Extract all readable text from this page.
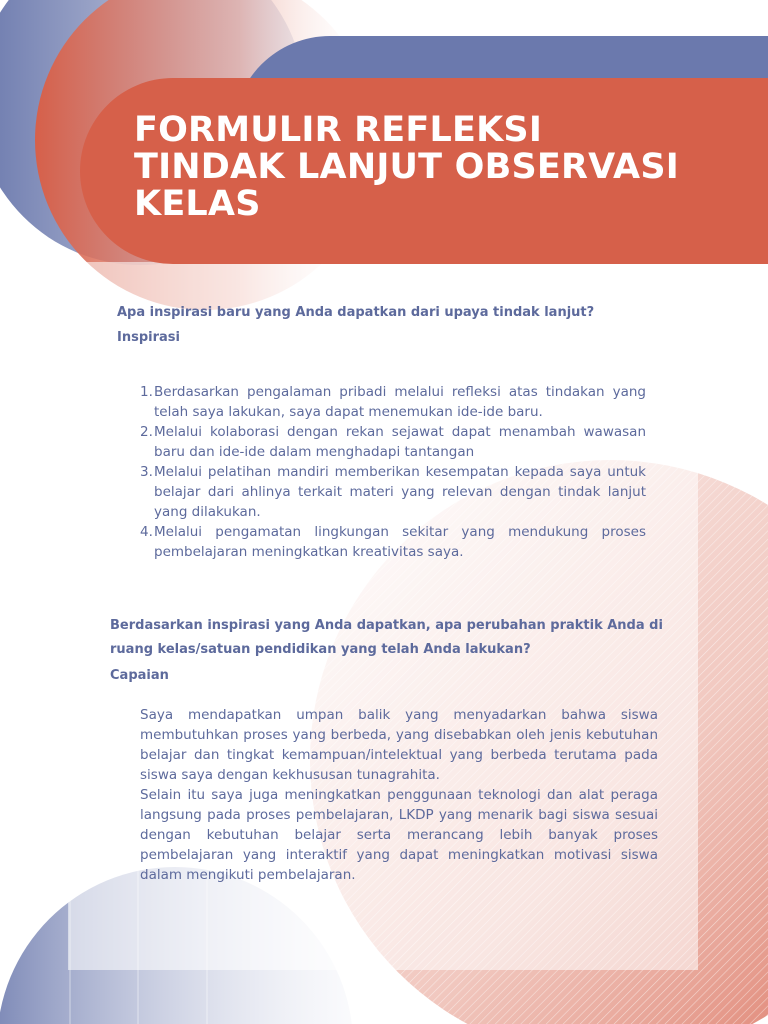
FORMULIR REFLEKSI
TINDAK LANJUT OBSERVASI
KELAS

Apa inspirasi baru yang Anda dapatkan dari upaya tindak lanjut?

Inspirasi

1. Berdasarkan pengalaman pribadi melalui refleksi atas tindakan yang telah saya lakukan, saya dapat menemukan ide-ide baru.
2. Melalui kolaborasi dengan rekan sejawat dapat menambah wawasan baru dan ide-ide dalam menghadapi tantangan
3. Melalui pelatihan mandiri memberikan kesempatan kepada saya untuk belajar dari ahlinya terkait materi yang relevan dengan tindak lanjut yang dilakukan.
4. Melalui pengamatan lingkungan sekitar yang mendukung proses pembelajaran meningkatkan kreativitas saya.

Berdasarkan inspirasi yang Anda dapatkan, apa perubahan praktik Anda di

ruang kelas/satuan pendidikan yang telah Anda lakukan?

Capaian

Saya mendapatkan umpan balik yang menyadarkan bahwa siswa membutuhkan proses yang berbeda, yang disebabkan oleh jenis kebutuhan belajar dan tingkat kemampuan/intelektual yang berbeda terutama pada siswa saya dengan kekhususan tunagrahita.

Selain itu saya juga meningkatkan penggunaan teknologi dan alat peraga langsung pada proses pembelajaran, LKDP yang menarik bagi siswa sesuai dengan kebutuhan belajar serta merancang lebih banyak proses pembelajaran yang interaktif yang dapat meningkatkan motivasi siswa dalam mengikuti pembelajaran.
